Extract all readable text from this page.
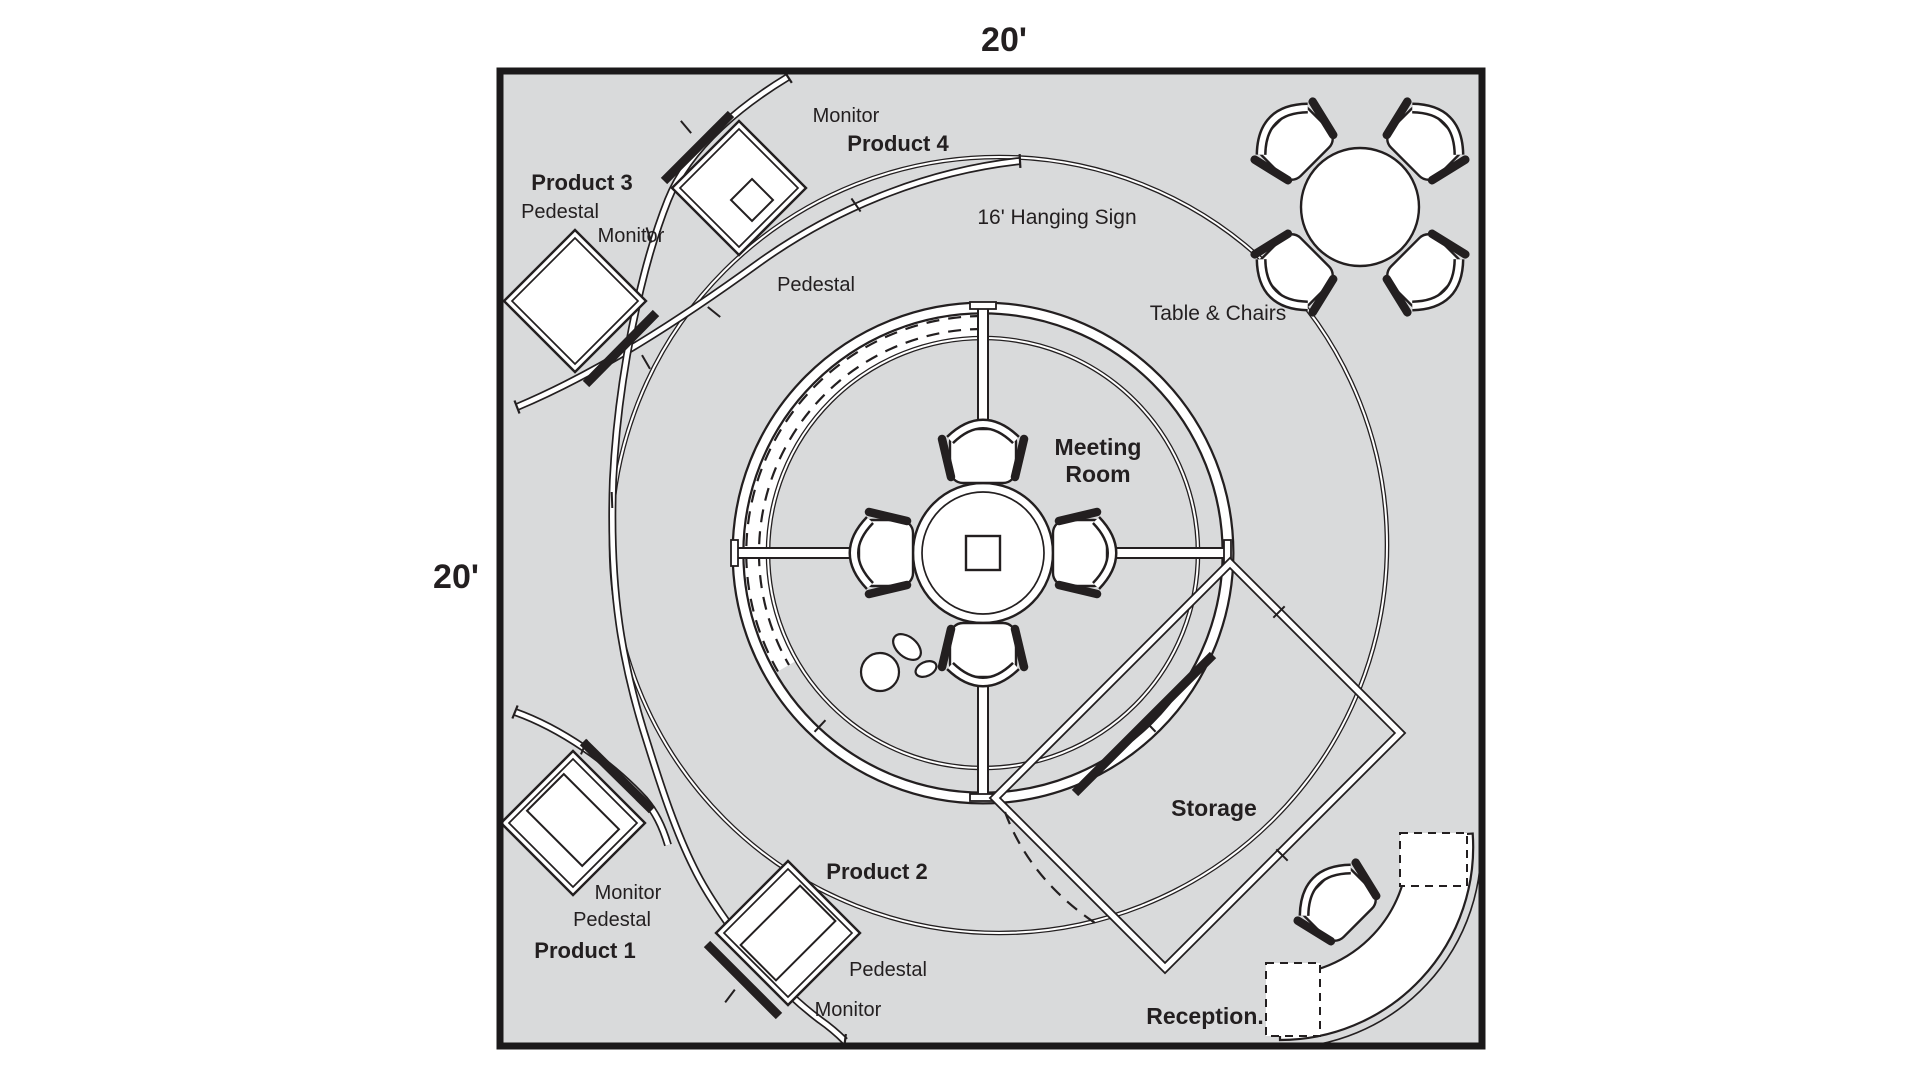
20'
20'
Product 3
Pedestal
Monitor
Monitor
Product 4
Pedestal
16' Hanging Sign
Table & Chairs
Meeting
Room
Storage
Reception.
Monitor
Pedestal
Product 1
Product 2
Pedestal
Monitor
